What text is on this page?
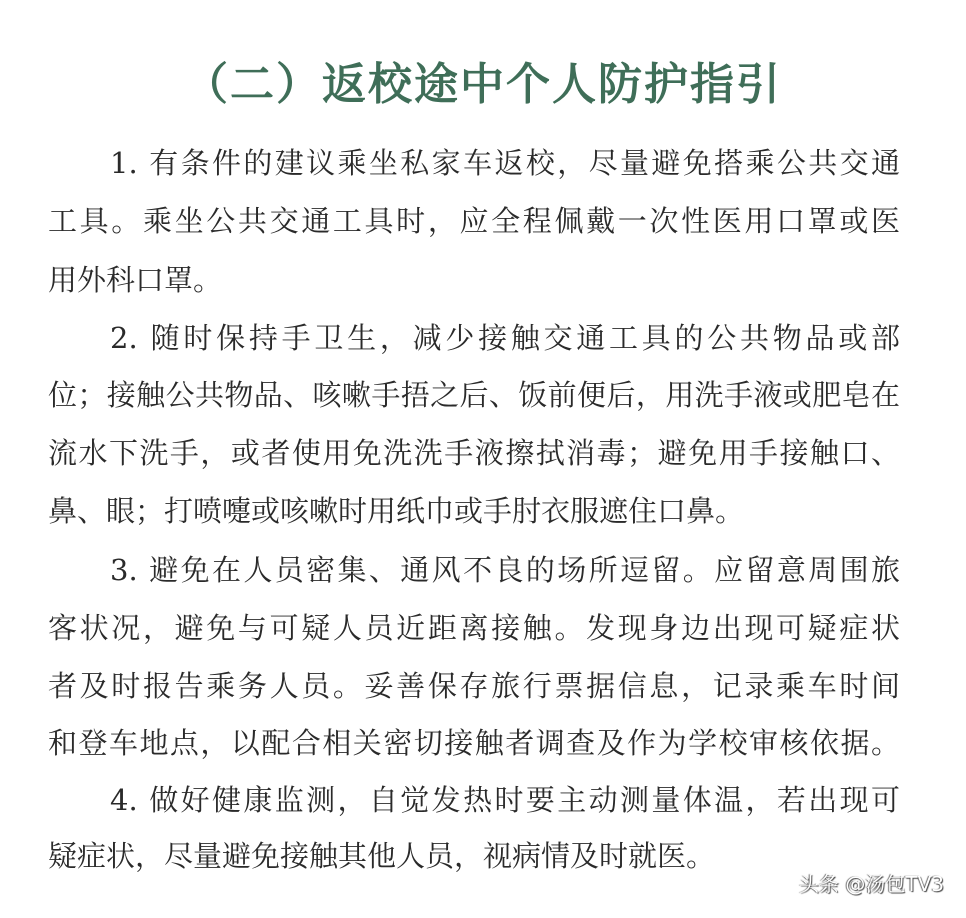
（二）返校途中个人防护指引
1. 有条件的建议乘坐私家车返校，尽量避免搭乘公共交通
工具。乘坐公共交通工具时，应全程佩戴一次性医用口罩或医
用外科口罩。
2. 随时保持手卫生，减少接触交通工具的公共物品或部
位；接触公共物品、咳嗽手捂之后、饭前便后，用洗手液或肥皂在
流水下洗手，或者使用免洗洗手液擦拭消毒；避免用手接触口、
鼻、眼；打喷嚏或咳嗽时用纸巾或手肘衣服遮住口鼻。
3. 避免在人员密集、通风不良的场所逗留。应留意周围旅
客状况，避免与可疑人员近距离接触。发现身边出现可疑症状
者及时报告乘务人员。妥善保存旅行票据信息，记录乘车时间
和登车地点，以配合相关密切接触者调查及作为学校审核依据。
4. 做好健康监测，自觉发热时要主动测量体温，若出现可
疑症状，尽量避免接触其他人员，视病情及时就医。
头条 @汤包TV3
